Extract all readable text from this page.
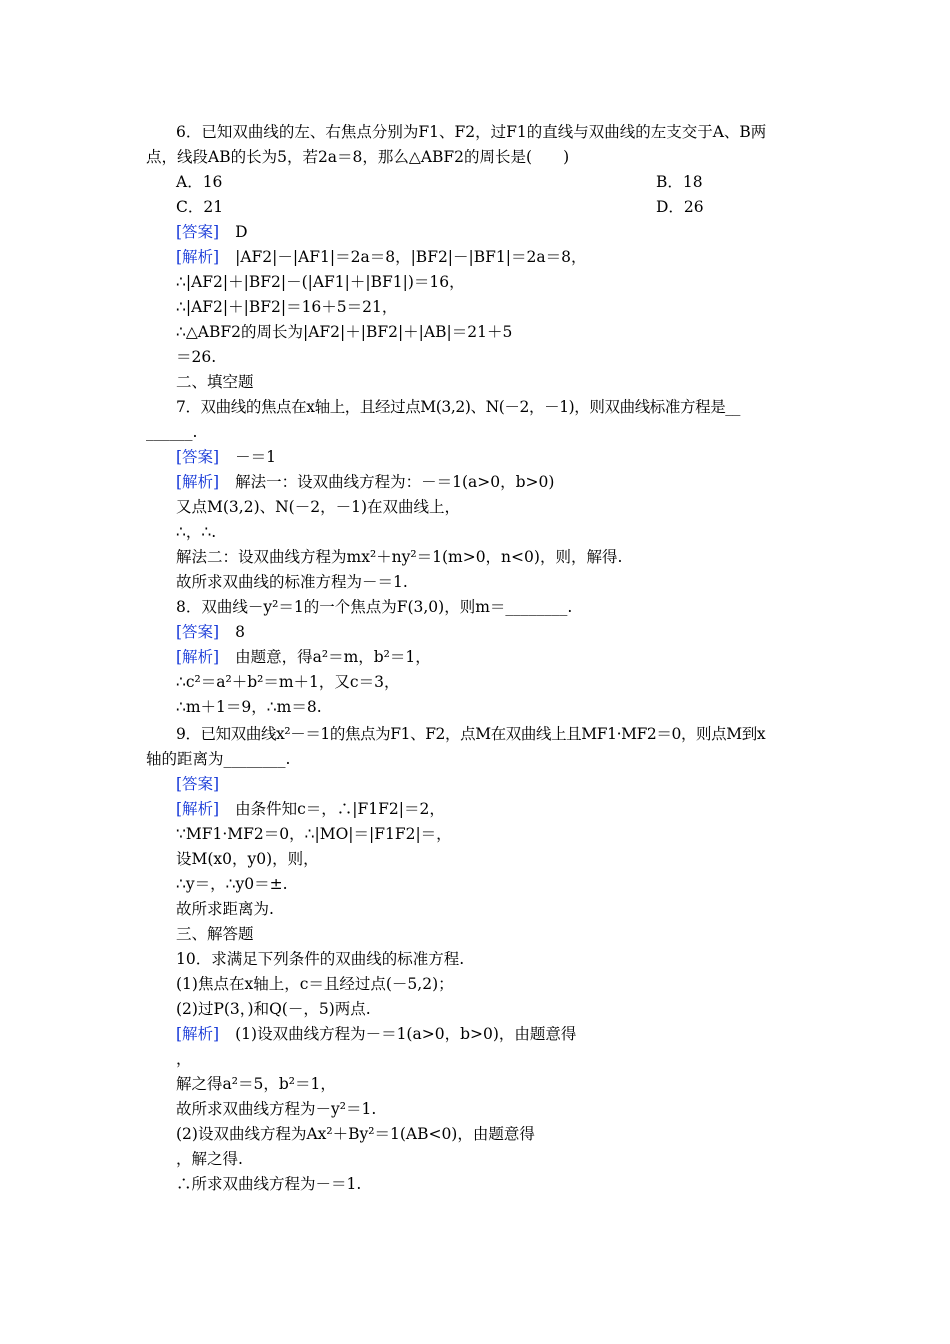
6．已知双曲线的左、右焦点分别为F1、F2，过F1的直线与双曲线的左支交于A、B两
点，线段AB的长为5，若2a＝8，那么△ABF2的周长是(　　)
A．16	B．18
C．21	D．26
[答案] D
[解析] |AF2|－|AF1|＝2a＝8，|BF2|－|BF1|＝2a＝8，
∴|AF2|＋|BF2|－(|AF1|＋|BF1|)＝16，
∴|AF2|＋|BF2|＝16＋5＝21，
∴△ABF2的周长为|AF2|＋|BF2|＋|AB|＝21＋5
＝26.
二、填空题
7．双曲线的焦点在x轴上，且经过点M(3,2)、N(－2，－1)，则双曲线标准方程是__
______.
[答案] －＝1
[解析] 解法一：设双曲线方程为：－＝1(a>0，b>0)
又点M(3,2)、N(－2，－1)在双曲线上，
∴，∴.
解法二：设双曲线方程为mx²＋ny²＝1(m>0，n<0)，则，解得.
故所求双曲线的标准方程为－＝1.
8．双曲线－y²＝1的一个焦点为F(3,0)，则m＝________.
[答案] 8
[解析] 由题意，得a²＝m，b²＝1，
∴c²＝a²＋b²＝m＋1，又c＝3，
∴m＋1＝9，∴m＝8.
9．已知双曲线x²－＝1的焦点为F1、F2，点M在双曲线上且MF1·MF2＝0，则点M到x
轴的距离为________.
[答案]
[解析] 由条件知c＝，∴|F1F2|＝2，
∵MF1·MF2＝0，∴|MO|＝|F1F2|＝，
设M(x0，y0)，则，
∴y＝，∴y0＝±.
故所求距离为.
三、解答题
10．求满足下列条件的双曲线的标准方程.
(1)焦点在x轴上，c＝且经过点(－5,2)；
(2)过P(3，)和Q(－，5)两点.
[解析] (1)设双曲线方程为－＝1(a>0，b>0)，由题意得
，
解之得a²＝5，b²＝1，
故所求双曲线方程为－y²＝1.
(2)设双曲线方程为Ax²＋By²＝1(AB<0)，由题意得
，解之得.
∴所求双曲线方程为－＝1.
